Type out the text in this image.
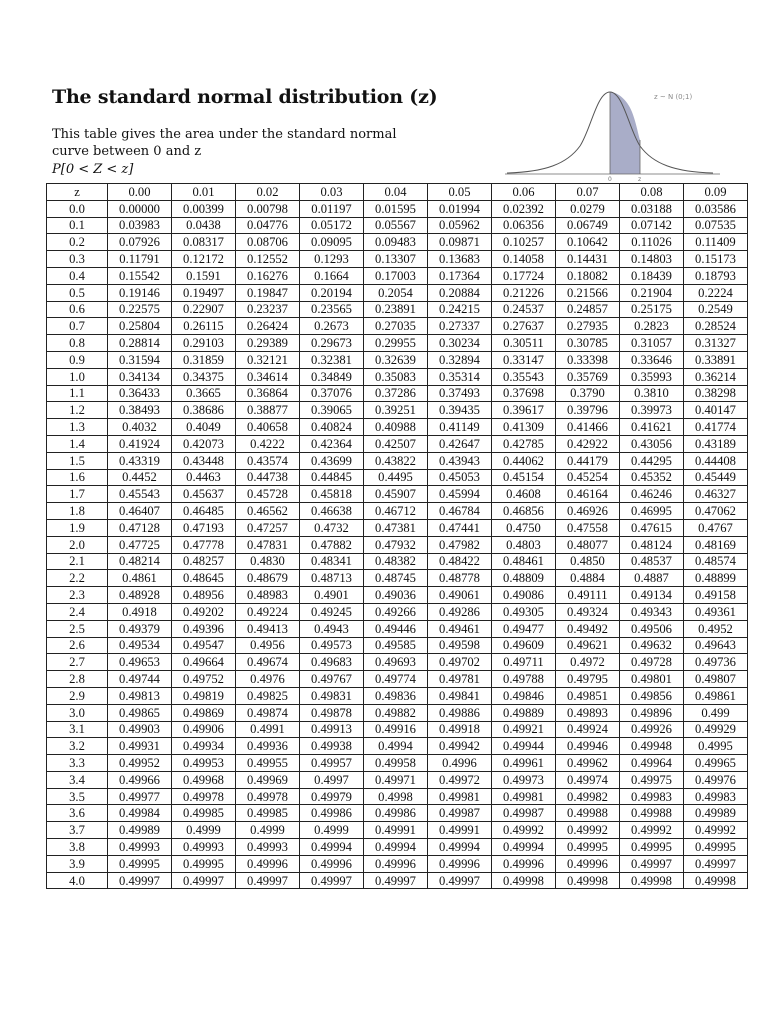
The standard normal distribution (z)
This table gives the area under the standard normal curve between 0 and z
P[0 < Z < z]
0	z
z ~ N (0;1)
z	0.00	0.01	0.02	0.03	0.04	0.05	0.06	0.07	0.08	0.09
0.0	0.00000	0.00399	0.00798	0.01197	0.01595	0.01994	0.02392	0.0279	0.03188	0.03586
0.1	0.03983	0.0438	0.04776	0.05172	0.05567	0.05962	0.06356	0.06749	0.07142	0.07535
0.2	0.07926	0.08317	0.08706	0.09095	0.09483	0.09871	0.10257	0.10642	0.11026	0.11409
0.3	0.11791	0.12172	0.12552	0.1293	0.13307	0.13683	0.14058	0.14431	0.14803	0.15173
0.4	0.15542	0.1591	0.16276	0.1664	0.17003	0.17364	0.17724	0.18082	0.18439	0.18793
0.5	0.19146	0.19497	0.19847	0.20194	0.2054	0.20884	0.21226	0.21566	0.21904	0.2224
0.6	0.22575	0.22907	0.23237	0.23565	0.23891	0.24215	0.24537	0.24857	0.25175	0.2549
0.7	0.25804	0.26115	0.26424	0.2673	0.27035	0.27337	0.27637	0.27935	0.2823	0.28524
0.8	0.28814	0.29103	0.29389	0.29673	0.29955	0.30234	0.30511	0.30785	0.31057	0.31327
0.9	0.31594	0.31859	0.32121	0.32381	0.32639	0.32894	0.33147	0.33398	0.33646	0.33891
1.0	0.34134	0.34375	0.34614	0.34849	0.35083	0.35314	0.35543	0.35769	0.35993	0.36214
1.1	0.36433	0.3665	0.36864	0.37076	0.37286	0.37493	0.37698	0.3790	0.3810	0.38298
1.2	0.38493	0.38686	0.38877	0.39065	0.39251	0.39435	0.39617	0.39796	0.39973	0.40147
1.3	0.4032	0.4049	0.40658	0.40824	0.40988	0.41149	0.41309	0.41466	0.41621	0.41774
1.4	0.41924	0.42073	0.4222	0.42364	0.42507	0.42647	0.42785	0.42922	0.43056	0.43189
1.5	0.43319	0.43448	0.43574	0.43699	0.43822	0.43943	0.44062	0.44179	0.44295	0.44408
1.6	0.4452	0.4463	0.44738	0.44845	0.4495	0.45053	0.45154	0.45254	0.45352	0.45449
1.7	0.45543	0.45637	0.45728	0.45818	0.45907	0.45994	0.4608	0.46164	0.46246	0.46327
1.8	0.46407	0.46485	0.46562	0.46638	0.46712	0.46784	0.46856	0.46926	0.46995	0.47062
1.9	0.47128	0.47193	0.47257	0.4732	0.47381	0.47441	0.4750	0.47558	0.47615	0.4767
2.0	0.47725	0.47778	0.47831	0.47882	0.47932	0.47982	0.4803	0.48077	0.48124	0.48169
2.1	0.48214	0.48257	0.4830	0.48341	0.48382	0.48422	0.48461	0.4850	0.48537	0.48574
2.2	0.4861	0.48645	0.48679	0.48713	0.48745	0.48778	0.48809	0.4884	0.4887	0.48899
2.3	0.48928	0.48956	0.48983	0.4901	0.49036	0.49061	0.49086	0.49111	0.49134	0.49158
2.4	0.4918	0.49202	0.49224	0.49245	0.49266	0.49286	0.49305	0.49324	0.49343	0.49361
2.5	0.49379	0.49396	0.49413	0.4943	0.49446	0.49461	0.49477	0.49492	0.49506	0.4952
2.6	0.49534	0.49547	0.4956	0.49573	0.49585	0.49598	0.49609	0.49621	0.49632	0.49643
2.7	0.49653	0.49664	0.49674	0.49683	0.49693	0.49702	0.49711	0.4972	0.49728	0.49736
2.8	0.49744	0.49752	0.4976	0.49767	0.49774	0.49781	0.49788	0.49795	0.49801	0.49807
2.9	0.49813	0.49819	0.49825	0.49831	0.49836	0.49841	0.49846	0.49851	0.49856	0.49861
3.0	0.49865	0.49869	0.49874	0.49878	0.49882	0.49886	0.49889	0.49893	0.49896	0.499
3.1	0.49903	0.49906	0.4991	0.49913	0.49916	0.49918	0.49921	0.49924	0.49926	0.49929
3.2	0.49931	0.49934	0.49936	0.49938	0.4994	0.49942	0.49944	0.49946	0.49948	0.4995
3.3	0.49952	0.49953	0.49955	0.49957	0.49958	0.4996	0.49961	0.49962	0.49964	0.49965
3.4	0.49966	0.49968	0.49969	0.4997	0.49971	0.49972	0.49973	0.49974	0.49975	0.49976
3.5	0.49977	0.49978	0.49978	0.49979	0.4998	0.49981	0.49981	0.49982	0.49983	0.49983
3.6	0.49984	0.49985	0.49985	0.49986	0.49986	0.49987	0.49987	0.49988	0.49988	0.49989
3.7	0.49989	0.4999	0.4999	0.4999	0.49991	0.49991	0.49992	0.49992	0.49992	0.49992
3.8	0.49993	0.49993	0.49993	0.49994	0.49994	0.49994	0.49994	0.49995	0.49995	0.49995
3.9	0.49995	0.49995	0.49996	0.49996	0.49996	0.49996	0.49996	0.49996	0.49997	0.49997
4.0	0.49997	0.49997	0.49997	0.49997	0.49997	0.49997	0.49998	0.49998	0.49998	0.49998
